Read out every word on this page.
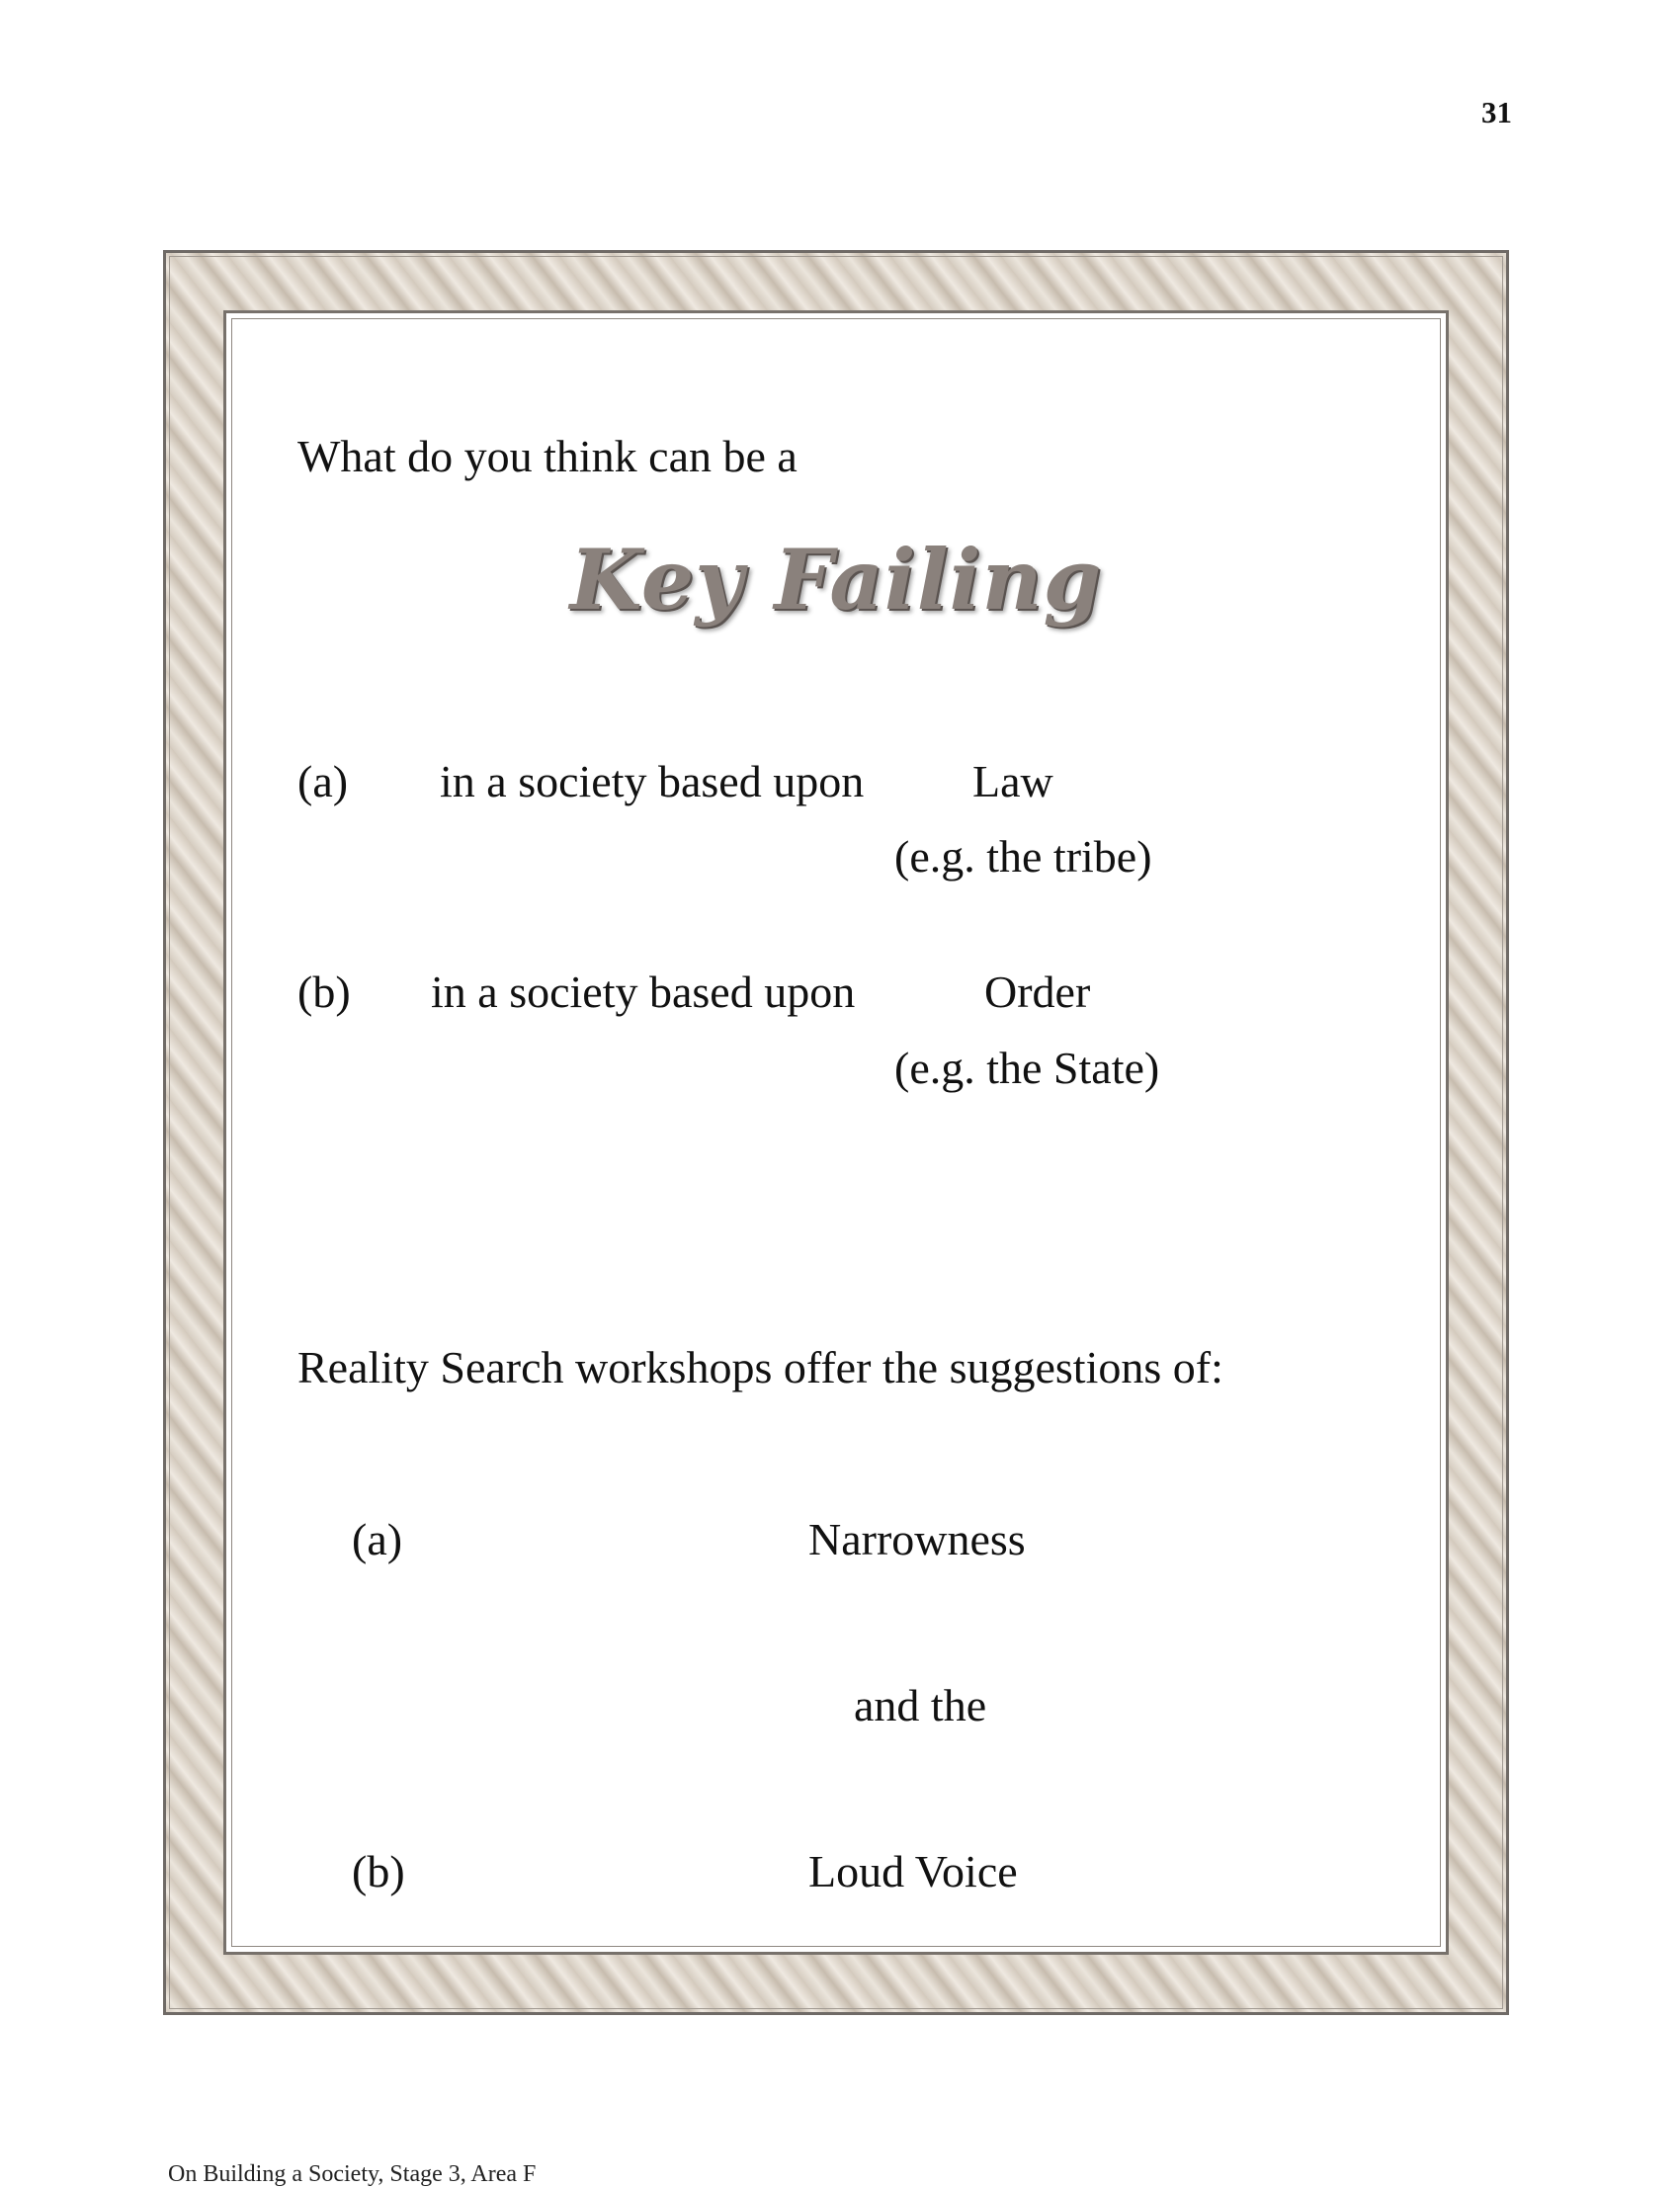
31
What do you think can be a
Key Failing
(a) in a society based upon Law
(e.g. the tribe)
(b) in a society based upon	Order
(e.g. the State)
Reality Search workshops offer the suggestions of:
(a)	Narrowness
and the
(b)	Loud Voice
On Building a Society, Stage 3, Area F
